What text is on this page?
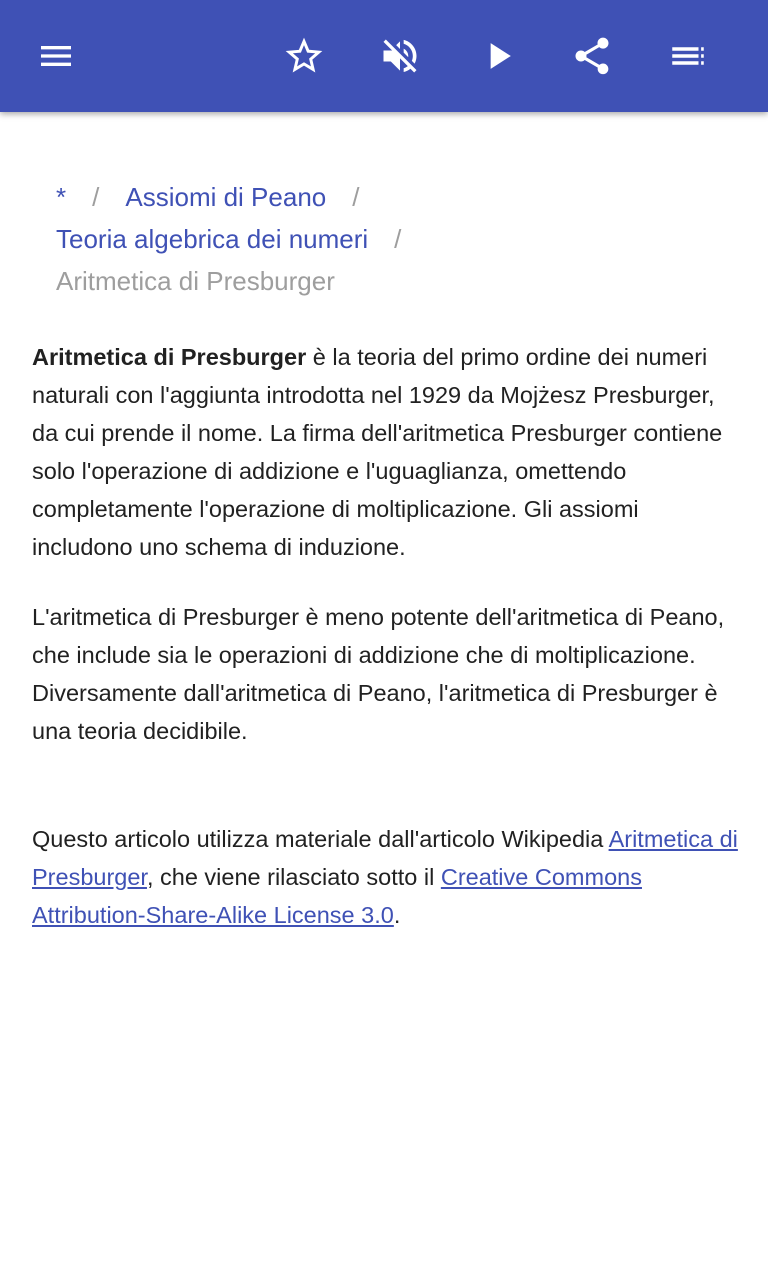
* / Assiomi di Peano /
Teoria algebrica dei numeri /
Aritmetica di Presburger

Aritmetica di Presburger è la teoria del primo ordine dei numeri naturali con l'aggiunta introdotta nel 1929 da Mojżesz Presburger, da cui prende il nome. La firma dell'aritmetica Presburger contiene solo l'operazione di addizione e l'uguaglianza, omettendo completamente l'operazione di moltiplicazione. Gli assiomi includono uno schema di induzione.

L'aritmetica di Presburger è meno potente dell'aritmetica di Peano, che include sia le operazioni di addizione che di moltiplicazione. Diversamente dall'aritmetica di Peano, l'aritmetica di Presburger è una teoria decidibile.

Questo articolo utilizza materiale dall'articolo Wikipedia Aritmetica di Presburger, che viene rilasciato sotto il Creative Commons Attribution-Share-Alike License 3.0.
